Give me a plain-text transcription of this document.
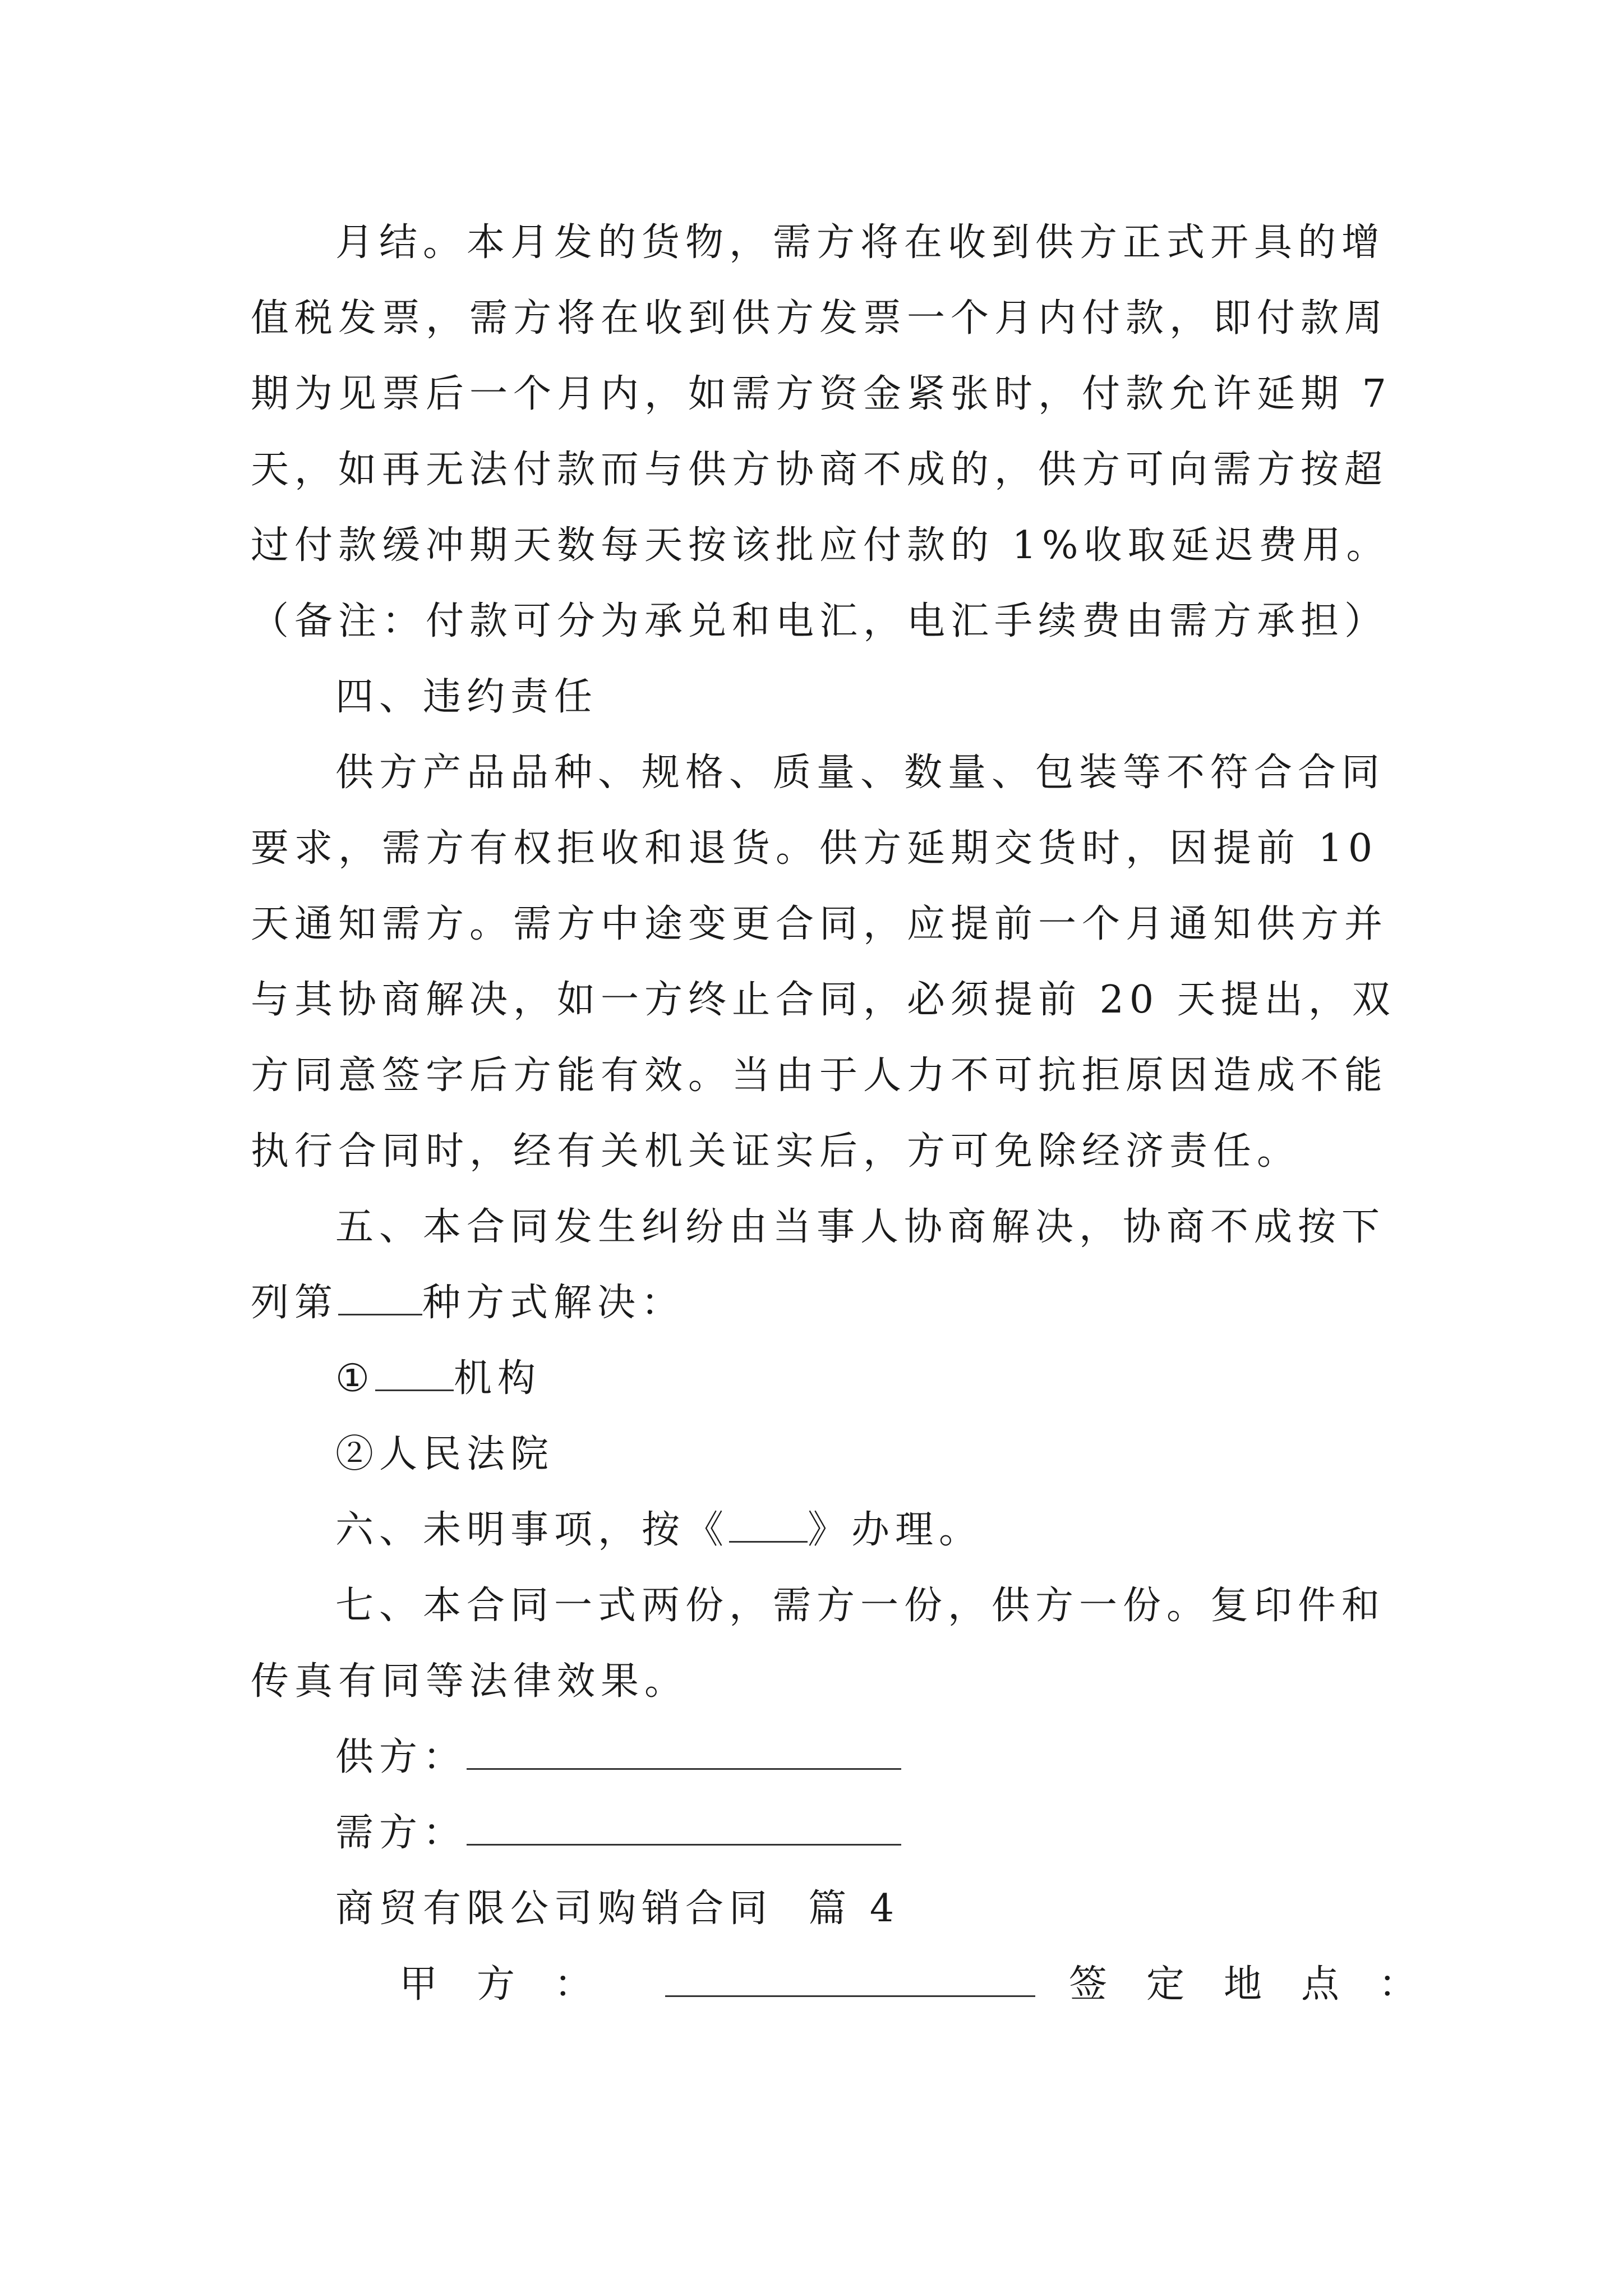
月结。本月发的货物，需方将在收到供方正式开具的增
值税发票，需方将在收到供方发票一个月内付款，即付款周
期为见票后一个月内，如需方资金紧张时，付款允许延期 7
天，如再无法付款而与供方协商不成的，供方可向需方按超
过付款缓冲期天数每天按该批应付款的 1%收取延迟费用。
（备注：付款可分为承兑和电汇，电汇手续费由需方承担）
四、违约责任
供方产品品种、规格、质量、数量、包装等不符合合同
要求，需方有权拒收和退货。供方延期交货时，因提前 10
天通知需方。需方中途变更合同，应提前一个月通知供方并
与其协商解决，如一方终止合同，必须提前 20 天提出，双
方同意签字后方能有效。当由于人力不可抗拒原因造成不能
执行合同时，经有关机关证实后，方可免除经济责任。
五、本合同发生纠纷由当事人协商解决，协商不成按下
列第 种方式解决：
① 机构
②人民法院
六、未明事项，按《 》办理。
七、本合同一式两份，需方一份，供方一份。复印件和
传真有同等法律效果。
供方：
需方：
商贸有限公司购销合同  篇 4
甲方：	签定地点：
